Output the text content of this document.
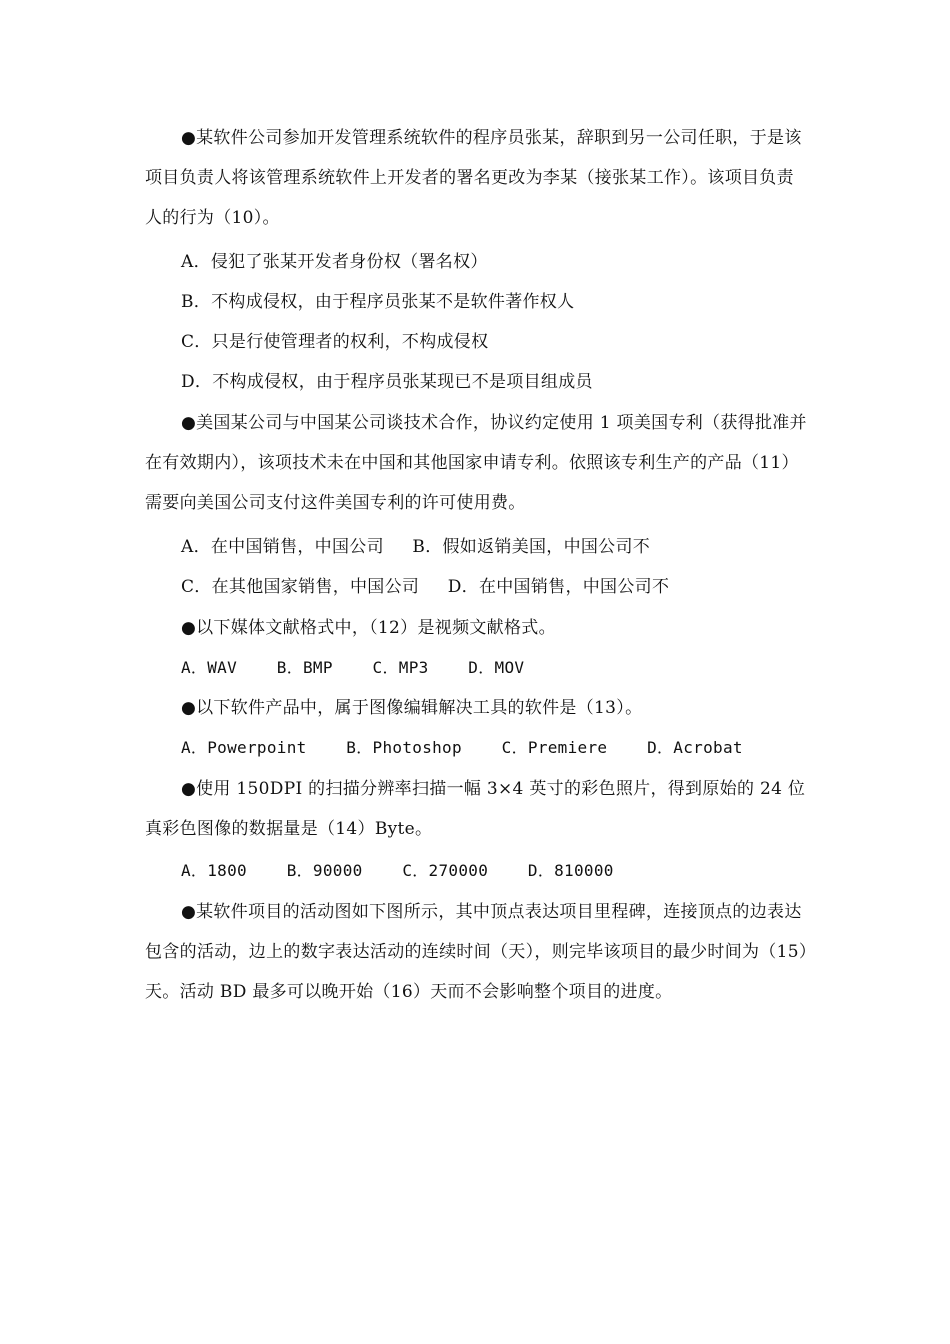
●某软件公司参加开发管理系统软件的程序员张某，辞职到另一公司任职，于是该项目负责人将该管理系统软件上开发者的署名更改为李某（接张某工作）。该项目负责人的行为（10）。

A．侵犯了张某开发者身份权（署名权）

B．不构成侵权，由于程序员张某不是软件著作权人

C．只是行使管理者的权利，不构成侵权

D．不构成侵权，由于程序员张某现已不是项目组成员

●美国某公司与中国某公司谈技术合作，协议约定使用 1 项美国专利（获得批准并在有效期内），该项技术未在中国和其他国家申请专利。依照该专利生产的产品（11）需要向美国公司支付这件美国专利的许可使用费。

A．在中国销售，中国公司     B．假如返销美国，中国公司不

C．在其他国家销售，中国公司     D．在中国销售，中国公司不

●以下媒体文献格式中，（12）是视频文献格式。

A．WAV    B．BMP    C．MP3    D．MOV

●以下软件产品中，属于图像编辑解决工具的软件是（13）。

A．Powerpoint    B．Photoshop    C．Premiere    D．Acrobat

●使用 150DPI 的扫描分辨率扫描一幅 3×4 英寸的彩色照片，得到原始的 24 位真彩色图像的数据量是（14）Byte。

A．1800    B．90000    C．270000    D．810000

●某软件项目的活动图如下图所示，其中顶点表达项目里程碑，连接顶点的边表达包含的活动，边上的数字表达活动的连续时间（天），则完毕该项目的最少时间为（15）天。活动 BD 最多可以晚开始（16）天而不会影响整个项目的进度。
